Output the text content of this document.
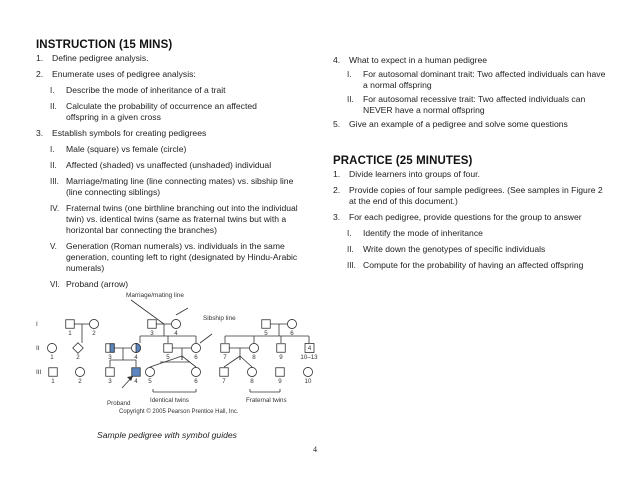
INSTRUCTION (15 MINS)
1. Define pedigree analysis.
2. Enumerate uses of pedigree analysis:
I. Describe the mode of inheritance of a trait
II. Calculate the probability of occurrence an affected offspring in a given cross
3. Establish symbols for creating pedigrees
I. Male (square) vs female (circle)
II. Affected (shaded) vs unaffected (unshaded) individual
III. Marriage/mating line (line connecting mates) vs. sibship line (line connecting siblings)
IV. Fraternal twins (one birthline branching out into the individual twin) vs. identical twins (same as fraternal twins but with a horizontal bar connecting the branches)
V. Generation (Roman numerals) vs. individuals in the same generation, counting left to right (designated by Hindu-Arabic numerals)
VI. Proband (arrow)
4. What to expect in a human pedigree
I. For autosomal dominant trait: Two affected individuals can have a normal offspring
II. For autosomal recessive trait: Two affected individuals can NEVER have a normal offspring
5. Give an example of a pedigree and solve some questions
PRACTICE (25 MINUTES)
1. Divide learners into groups of four.
2. Provide copies of four sample pedigrees. (See samples in Figure 2 at the end of this document.)
3. For each pedigree, provide questions for the group to answer
I. Identify the mode of inheritance
II. Write down the genotypes of specific individuals
III. Compute for the probability of having an affected offspring
I
II
III
1	2	3	4	5	6
1	2	3	4	5	6	7	8	9
4
10–13
1	2	3	4 5	6	7	8	9	10
Marriage/mating line
Sibship line
Identical twins	Fraternal twins
Proband
Copyright © 2005 Pearson Prentice Hall, Inc.
Sample pedigree with symbol guides
4
